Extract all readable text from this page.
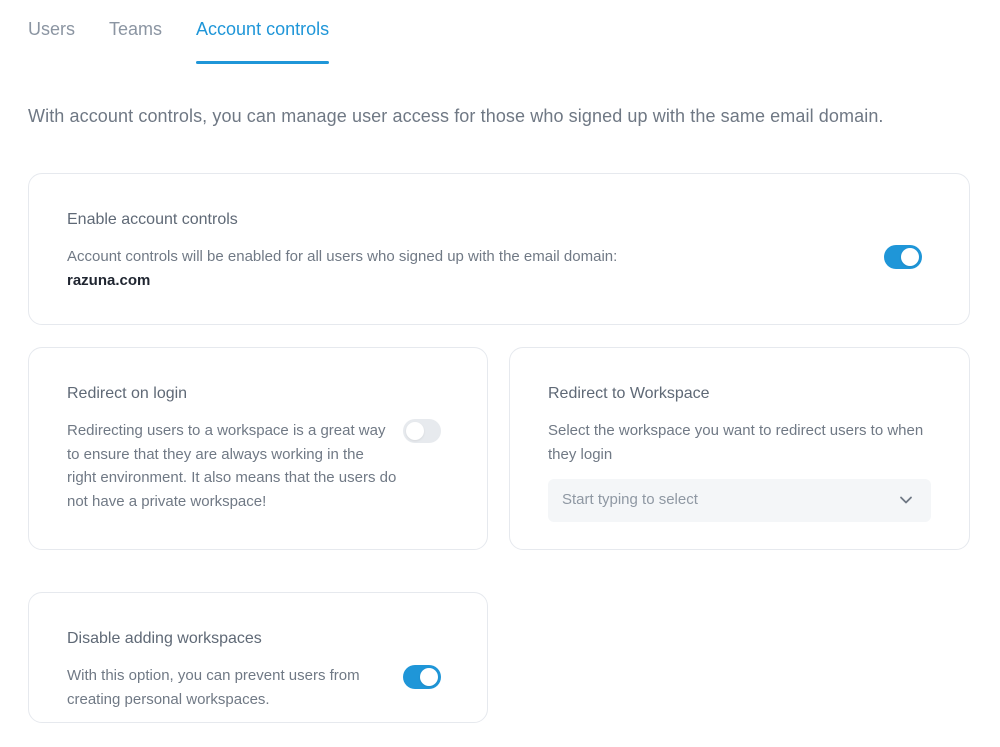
Users Teams Account controls
With account controls, you can manage user access for those who signed up with the same email domain.
Enable account controls
Account controls will be enabled for all users who signed up with the email domain:
razuna.com
Redirect on login
Redirecting users to a workspace is a great way to ensure that they are always working in the right environment. It also means that the users do not have a private workspace!
Redirect to Workspace
Select the workspace you want to redirect users to when they login
Start typing to select
Disable adding workspaces
With this option, you can prevent users from creating personal workspaces.
